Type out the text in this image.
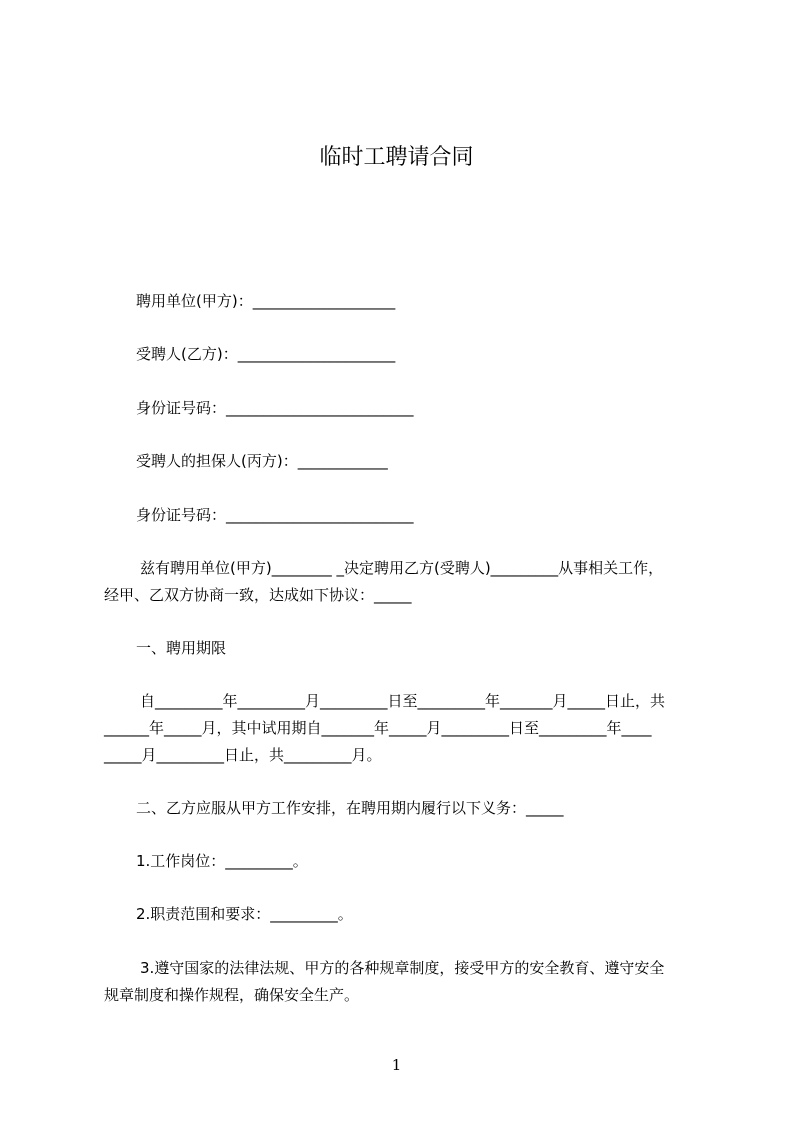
临时工聘请合同

聘用单位(甲方)：___________________

受聘人(乙方)：_____________________

身份证号码：_________________________

受聘人的担保人(丙方)：____________

身份证号码：_________________________

兹有聘用单位(甲方)________ _决定聘用乙方(受聘人)_________从事相关工作，

经甲、乙双方协商一致，达成如下协议：_____

一、聘用期限

自_________年_________月_________日至_________年_______月_____日止，共

______年_____月，其中试用期自_______年_____月_________日至_________年____

_____月_________日止，共_________月。

二、乙方应服从甲方工作安排，在聘用期内履行以下义务：_____

1.工作岗位：_________。

2.职责范围和要求：_________。

3.遵守国家的法律法规、甲方的各种规章制度，接受甲方的安全教育、遵守安全

规章制度和操作规程，确保安全生产。

1
